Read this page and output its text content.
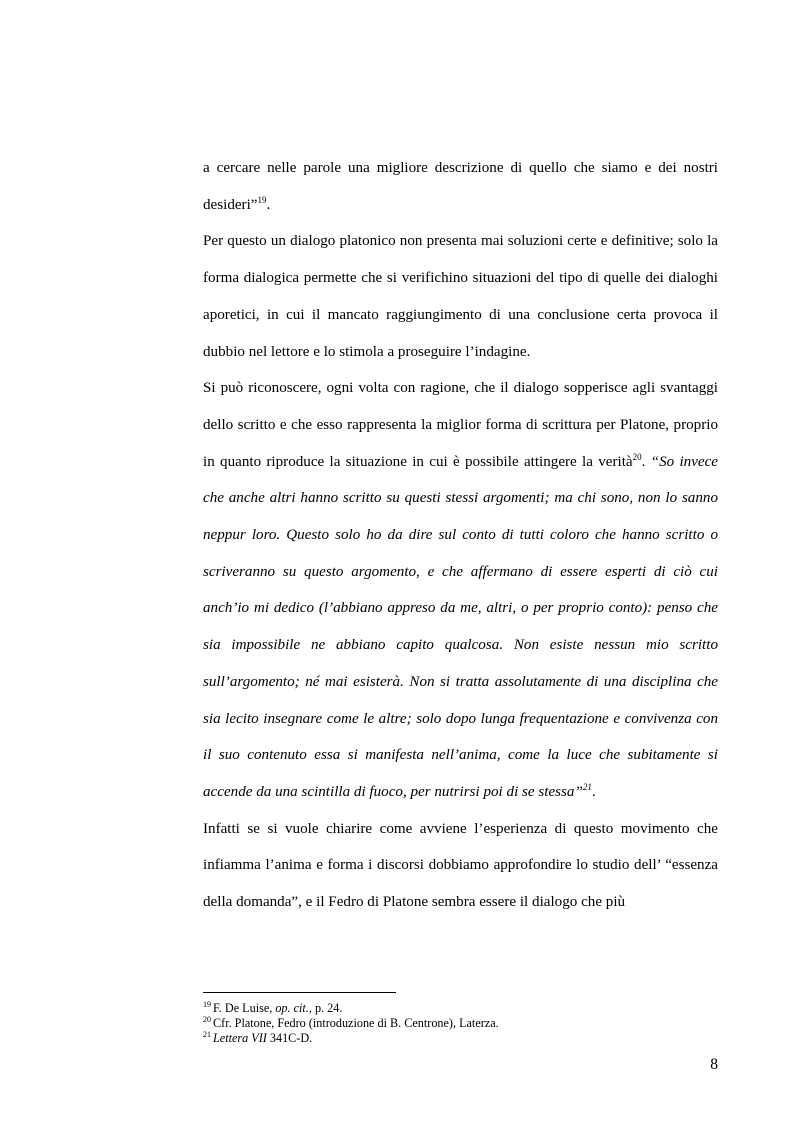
a cercare nelle parole una migliore descrizione di quello che siamo e dei nostri desideri”$^{19}$.

Per questo un dialogo platonico non presenta mai soluzioni certe e definitive; solo la forma dialogica permette che si verifichino situazioni del tipo di quelle dei dialoghi aporetici, in cui il mancato raggiungimento di una conclusione certa provoca il dubbio nel lettore e lo stimola a proseguire l’indagine.

Si può riconoscere, ogni volta con ragione, che il dialogo sopperisce agli svantaggi dello scritto e che esso rappresenta la miglior forma di scrittura per Platone, proprio in quanto riproduce la situazione in cui è possibile attingere la verità$^{20}$. “So invece che anche altri hanno scritto su questi stessi argomenti; ma chi sono, non lo sanno neppur loro. Questo solo ho da dire sul conto di tutti coloro che hanno scritto o scriveranno su questo argomento, e che affermano di essere esperti di ciò cui anch’io mi dedico (l’abbiano appreso da me, altri, o per proprio conto): penso che sia impossibile ne abbiano capito qualcosa. Non esiste nessun mio scritto sull’argomento; né mai esisterà. Non si tratta assolutamente di una disciplina che sia lecito insegnare come le altre; solo dopo lunga frequentazione e convivenza con il suo contenuto essa si manifesta nell’anima, come la luce che subitamente si accende da una scintilla di fuoco, per nutrirsi poi di se stessa”$^{21}$.

Infatti se si vuole chiarire come avviene l’esperienza di questo movimento che infiamma l’anima e forma i discorsi dobbiamo approfondire lo studio dell’ “essenza della domanda”, e il Fedro di Platone sembra essere il dialogo che più

$^{19}$ F. De Luise, op. cit., p. 24.

$^{20}$ Cfr. Platone, Fedro (introduzione di B. Centrone), Laterza.

$^{21}$ Lettera VII 341C-D.

8
